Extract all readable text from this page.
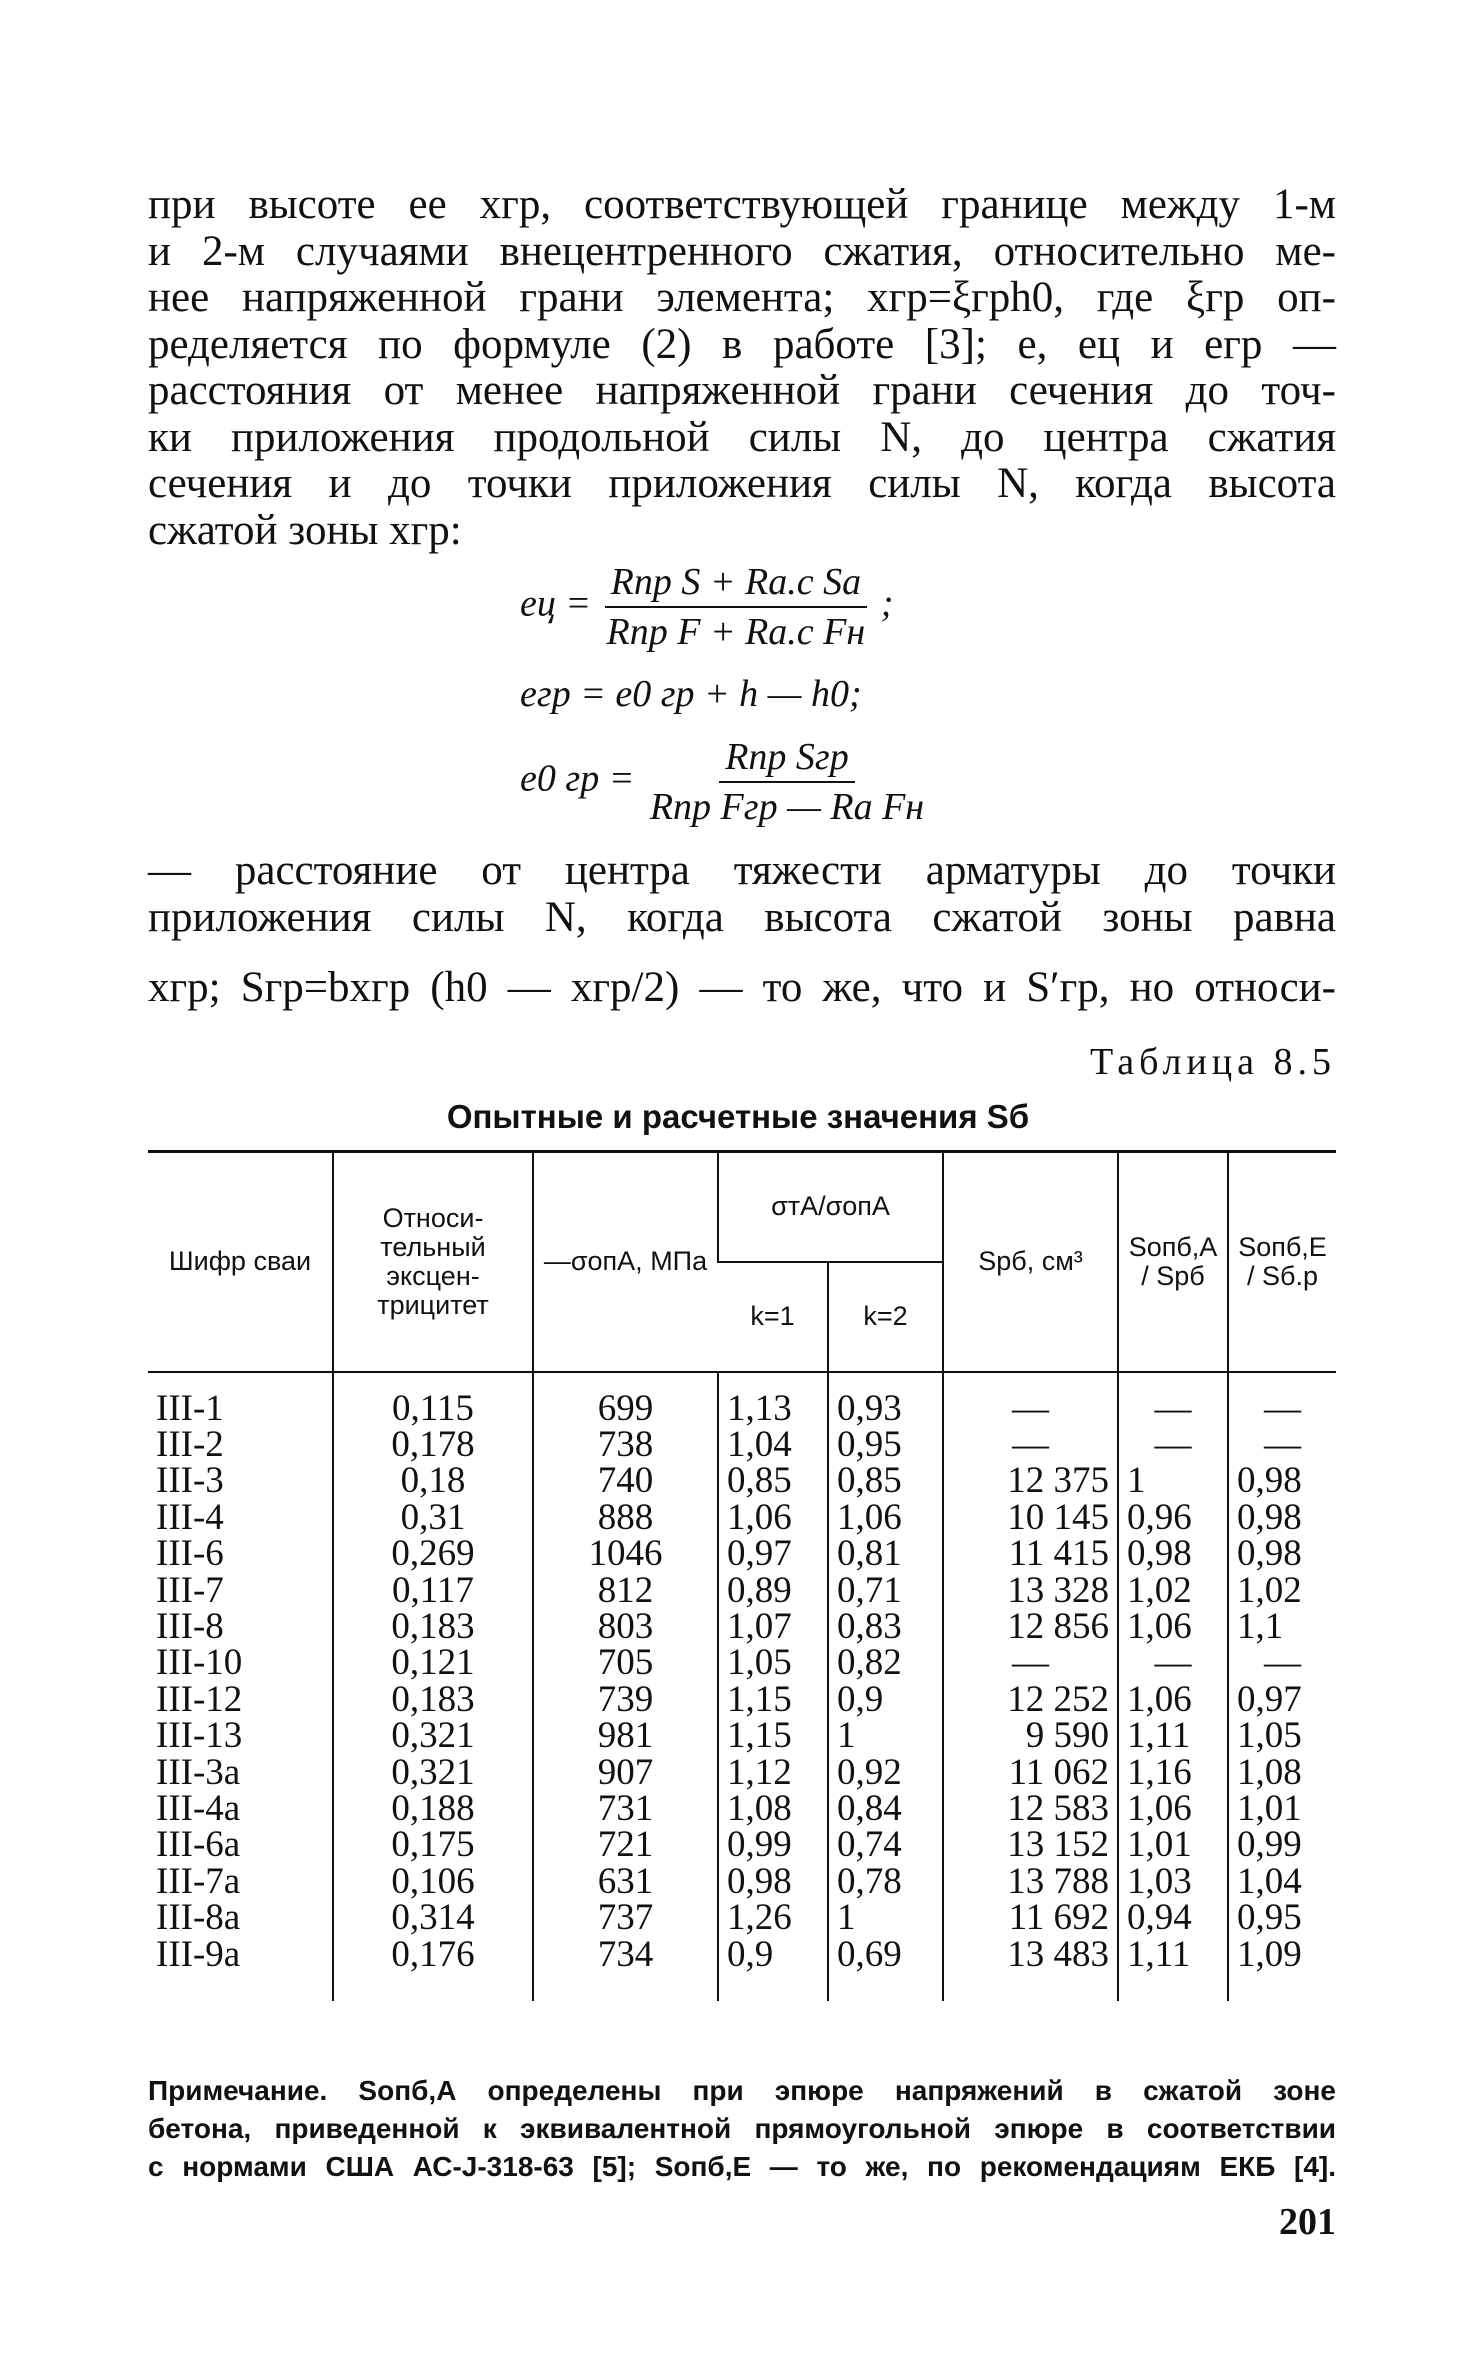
при высоте ее xгр, соответствующей границе между 1-м
и 2-м случаями внецентренного сжатия, относительно ме-
нее напряженной грани элемента; xгр=ξгрh0, где ξгр оп-
ределяется по формуле (2) в работе [3]; e, eц и eгр —
расстояния от менее напряженной грани сечения до точ-
ки приложения продольной силы N, до центра сжатия
сечения и до точки приложения силы N, когда высота
сжатой зоны xгр:
eц = $\frac{\text{Rпр S + Rа.с Sа}}{\text{Rпр F + Rа.с Fн}}$ ;
eгр = e0 гр + h — h0;
e0 гр = $\frac{\text{Rпр Sгр}}{\text{Rпр Fгр — Rа Fн}}$
— расстояние от центра тяжести арматуры до точки
приложения силы N, когда высота сжатой зоны равна
xгр; Sгр=bxгр (h0 — xгр/2) — то же, что и S′гр, но относи-
Таблица 8.5
Опытные и расчетные значения Sб
Шифр сваи	Относи-тельный эксцен-трицитет	—σопА, МПа	σтА/σопА		Sрб, см³	Sопб,А / Sрб	Sопб,Е / Sб.р
			k=1	k=2			
III-1	0,115	699	1,13	0,93	—	—	—
III-2	0,178	738	1,04	0,95	—	—	—
III-3	0,18	740	0,85	0,85	12 375	1	0,98
III-4	0,31	888	1,06	1,06	10 145	0,96	0,98
III-6	0,269	1046	0,97	0,81	11 415	0,98	0,98
III-7	0,117	812	0,89	0,71	13 328	1,02	1,02
III-8	0,183	803	1,07	0,83	12 856	1,06	1,1
III-10	0,121	705	1,05	0,82	—	—	—
III-12	0,183	739	1,15	0,9	12 252	1,06	0,97
III-13	0,321	981	1,15	1	9 590	1,11	1,05
III-3а	0,321	907	1,12	0,92	11 062	1,16	1,08
III-4а	0,188	731	1,08	0,84	12 583	1,06	1,01
III-6а	0,175	721	0,99	0,74	13 152	1,01	0,99
III-7а	0,106	631	0,98	0,78	13 788	1,03	1,04
III-8а	0,314	737	1,26	1	11 692	0,94	0,95
III-9а	0,176	734	0,9	0,69	13 483	1,11	1,09
Примечание. Sопб,А определены при эпюре напряжений в сжатой зоне
бетона, приведенной к эквивалентной прямоугольной эпюре в соответствии
с нормами США АС-J-318-63 [5]; Sопб,Е — то же, по рекомендациям ЕКБ [4].
201
